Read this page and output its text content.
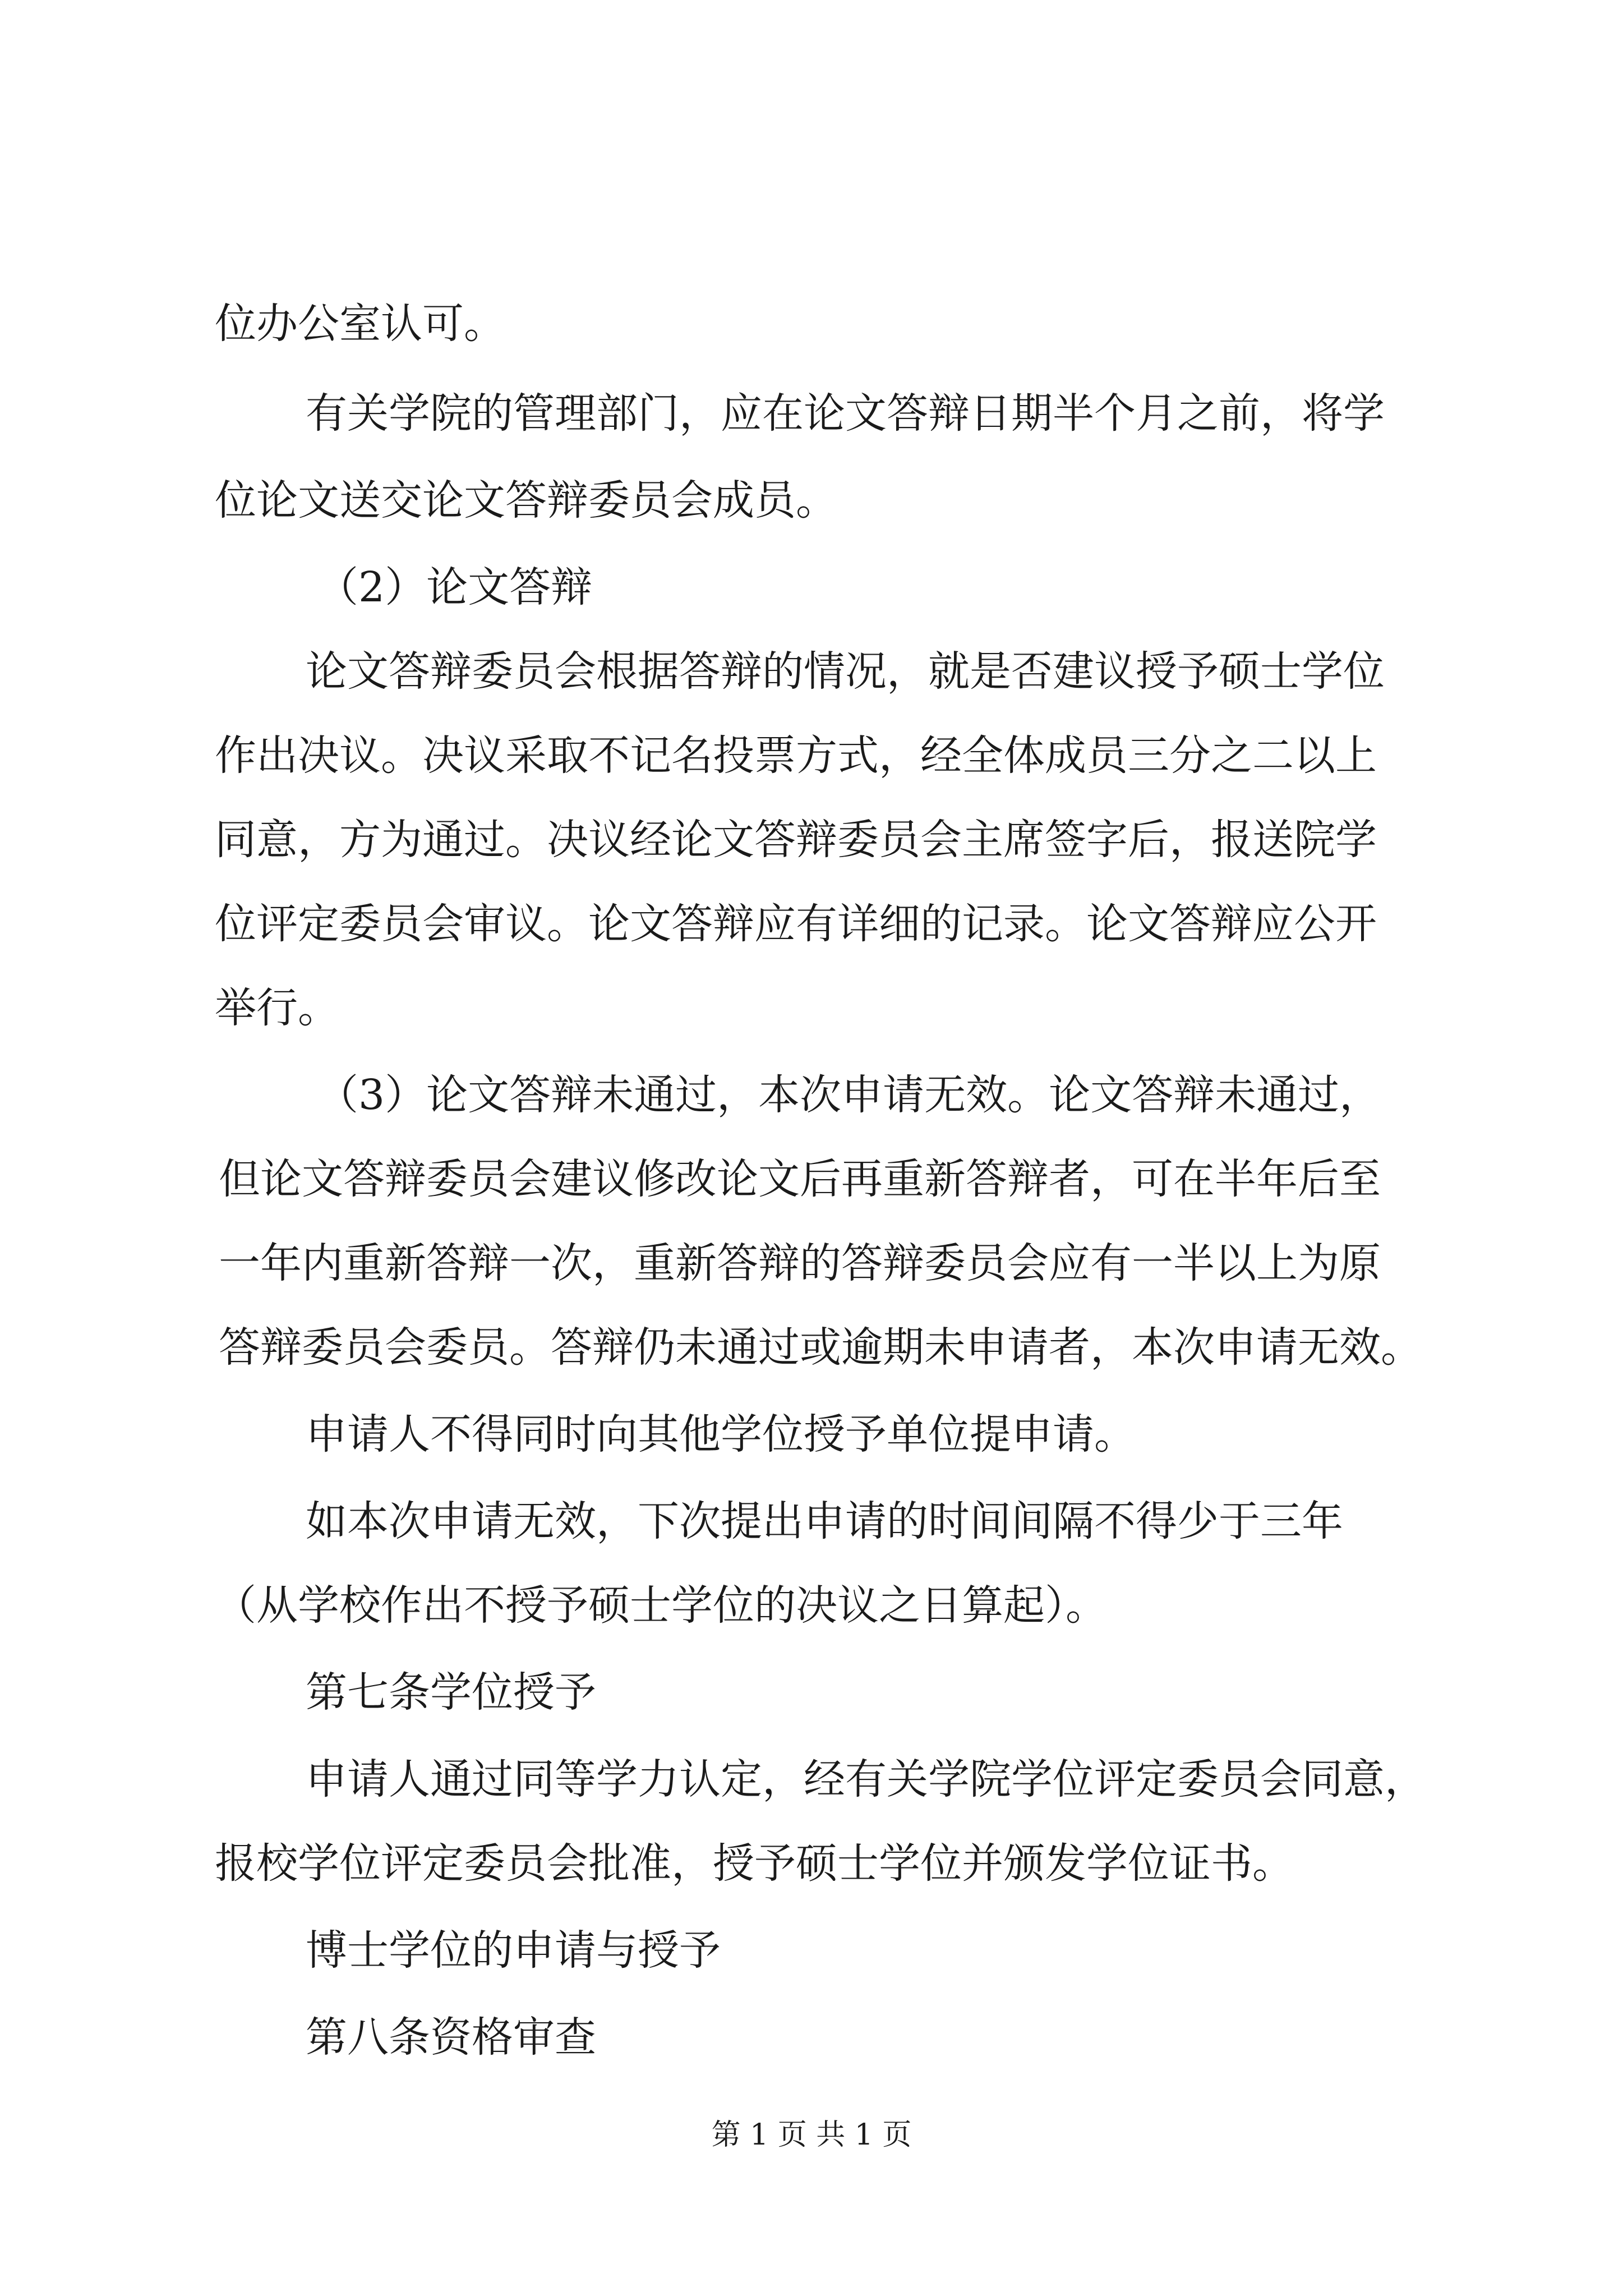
位办公室认可。
有关学院的管理部门，应在论文答辩日期半个月之前，将学
位论文送交论文答辩委员会成员。
（2）论文答辩
论文答辩委员会根据答辩的情况，就是否建议授予硕士学位
作出决议。决议采取不记名投票方式，经全体成员三分之二以上
同意，方为通过。决议经论文答辩委员会主席签字后，报送院学
位评定委员会审议。论文答辩应有详细的记录。论文答辩应公开
举行。
（3）论文答辩未通过，本次申请无效。论文答辩未通过，
但论文答辩委员会建议修改论文后再重新答辩者，可在半年后至
一年内重新答辩一次，重新答辩的答辩委员会应有一半以上为原
答辩委员会委员。答辩仍未通过或逾期未申请者，本次申请无效。
申请人不得同时向其他学位授予单位提申请。
如本次申请无效，下次提出申请的时间间隔不得少于三年
（从学校作出不授予硕士学位的决议之日算起）。
第七条学位授予
申请人通过同等学力认定，经有关学院学位评定委员会同意，
报校学位评定委员会批准，授予硕士学位并颁发学位证书。
博士学位的申请与授予
第八条资格审查
第 1 页 共 1 页
